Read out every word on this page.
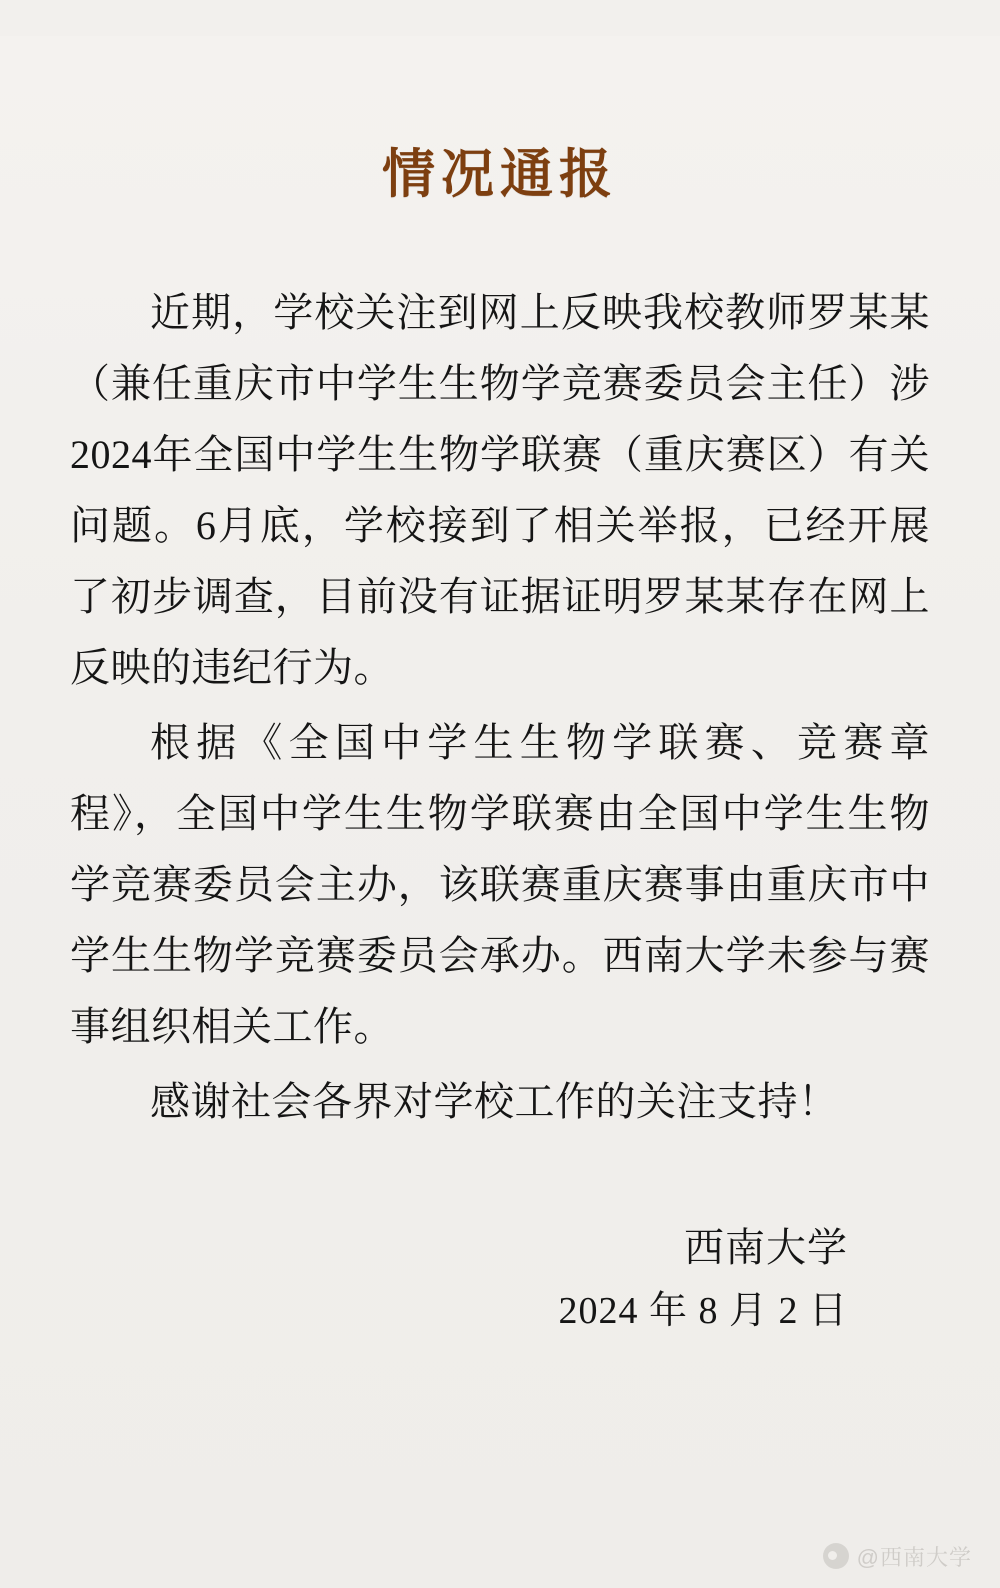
情况通报

近期，学校关注到网上反映我校教师罗某某（兼任重庆市中学生生物学竞赛委员会主任）涉2024年全国中学生生物学联赛（重庆赛区）有关问题。6月底，学校接到了相关举报，已经开展了初步调查，目前没有证据证明罗某某存在网上反映的违纪行为。

根据《全国中学生生物学联赛、竞赛章程》，全国中学生生物学联赛由全国中学生生物学竞赛委员会主办，该联赛重庆赛事由重庆市中学生生物学竞赛委员会承办。西南大学未参与赛事组织相关工作。

感谢社会各界对学校工作的关注支持！

西南大学
2024 年 8 月 2 日
@西南大学
